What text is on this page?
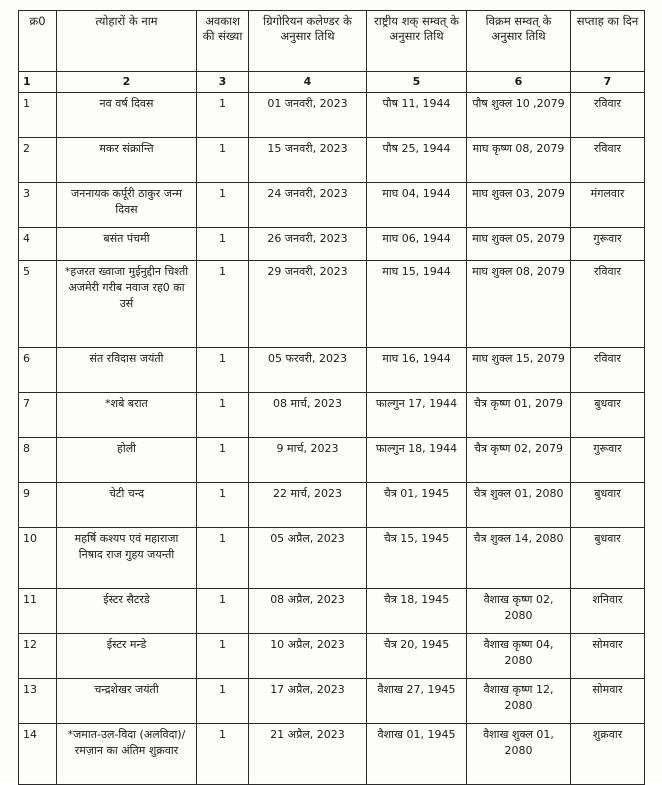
क्र0	त्योहारों के नाम	अवकाश की संख्या	ग्रिगोरियन कलेण्डर के अनुसार तिथि	राष्ट्रीय शक् सम्वत् के अनुसार तिथि	विक्रम सम्वत् के अनुसार तिथि	सप्ताह का दिन
1	2	3	4	5	6	7
1	नव वर्ष दिवस	1	01 जनवरी, 2023	पौष 11, 1944	पौष शुक्ल 10 ,2079	रविवार
2	मकर संक्रान्ति	1	15 जनवरी, 2023	पौष 25, 1944	माघ कृष्ण 08, 2079	रविवार
3	जननायक कर्पूरी ठाकुर जन्म दिवस	1	24 जनवरी, 2023	माघ 04, 1944	माघ शुक्ल 03, 2079	मंगलवार
4	बसंत पंचमी	1	26 जनवरी, 2023	माघ 06, 1944	माघ शुक्ल 05, 2079	गुरूवार
5	*हजरत ख्वाजा मुईनुद्दीन चिश्ती अजमेरी गरीब नवाज रह0 का उर्स	1	29 जनवरी, 2023	माघ 15, 1944	माघ शुक्ल 08, 2079	रविवार
6	संत रविदास जयंती	1	05 फरवरी, 2023	माघ 16, 1944	माघ शुक्ल 15, 2079	रविवार
7	*शबे बरात	1	08 मार्च, 2023	फाल्गुन 17, 1944	चैत्र कृष्ण 01, 2079	बुधवार
8	होली	1	9 मार्च, 2023	फाल्गुन 18, 1944	चैत्र कृष्ण 02, 2079	गुरूवार
9	चेटी चन्द	1	22 मार्च, 2023	चैत्र 01, 1945	चैत्र शुक्ल 01, 2080	बुधवार
10	महर्षि कश्यप एवं महाराजा निषाद राज गुहय जयन्ती	1	05 अप्रैल, 2023	चैत्र 15, 1945	चैत्र शुक्ल 14, 2080	बुधवार
11	ईस्टर सैटरडे	1	08 अप्रैल, 2023	चैत्र 18, 1945	वैशाख कृष्ण 02, 2080	शनिवार
12	ईस्टर मन्डे	1	10 अप्रैल, 2023	चैत्र 20, 1945	वैशाख कृष्ण 04, 2080	सोमवार
13	चन्द्रशेखर जयंती	1	17 अप्रैल, 2023	वैशाख 27, 1945	वैशाख कृष्ण 12, 2080	सोमवार
14	*जमात-उल-विदा (अलविदा)/रमज़ान का अंतिम शुक्रवार	1	21 अप्रैल, 2023	वैशाख 01, 1945	वैशाख शुक्ल 01, 2080	शुक्रवार
